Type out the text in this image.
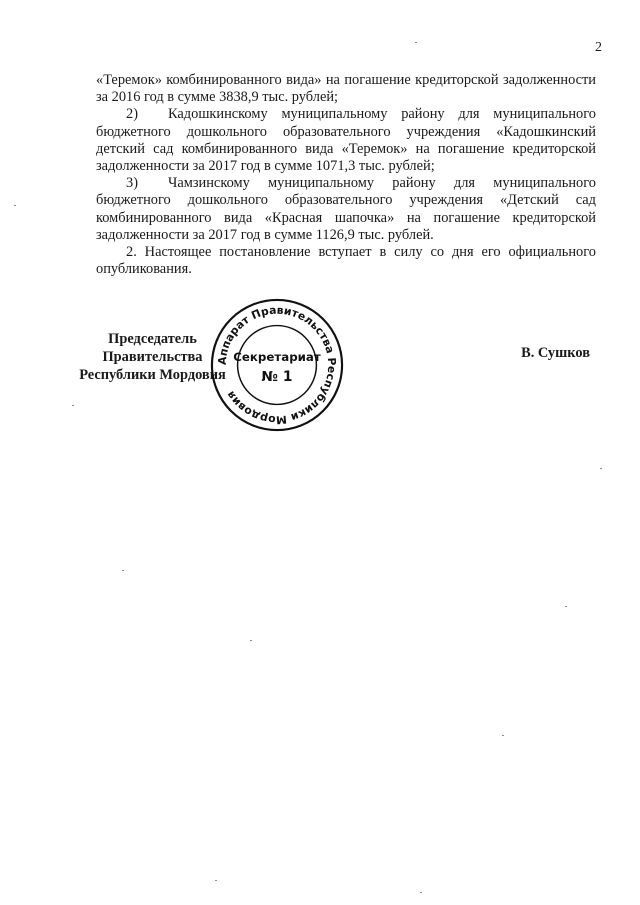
2

«Теремок» комбинированного вида» на погашение кредиторской задолженности за 2016 год в сумме 3838,9 тыс. рублей;

2) Кадошкинскому муниципальному району для муниципального бюджетного дошкольного образовательного учреждения «Кадошкинский детский сад комбинированного вида «Теремок» на погашение кредиторской задолженности за 2017 год в сумме 1071,3 тыс. рублей;

3) Чамзинскому муниципальному району для муниципального бюджетного дошкольного образовательного учреждения «Детский сад комбинированного вида «Красная шапочка» на погашение кредиторской задолженности за 2017 год в сумме 1126,9 тыс. рублей.

2. Настоящее постановление вступает в силу со дня его официального опубликования.

Председатель Правительства
Республики Мордовия
В. Сушков
Аппарат Правительства Республики Мордовия
Секретариат
№ 1
